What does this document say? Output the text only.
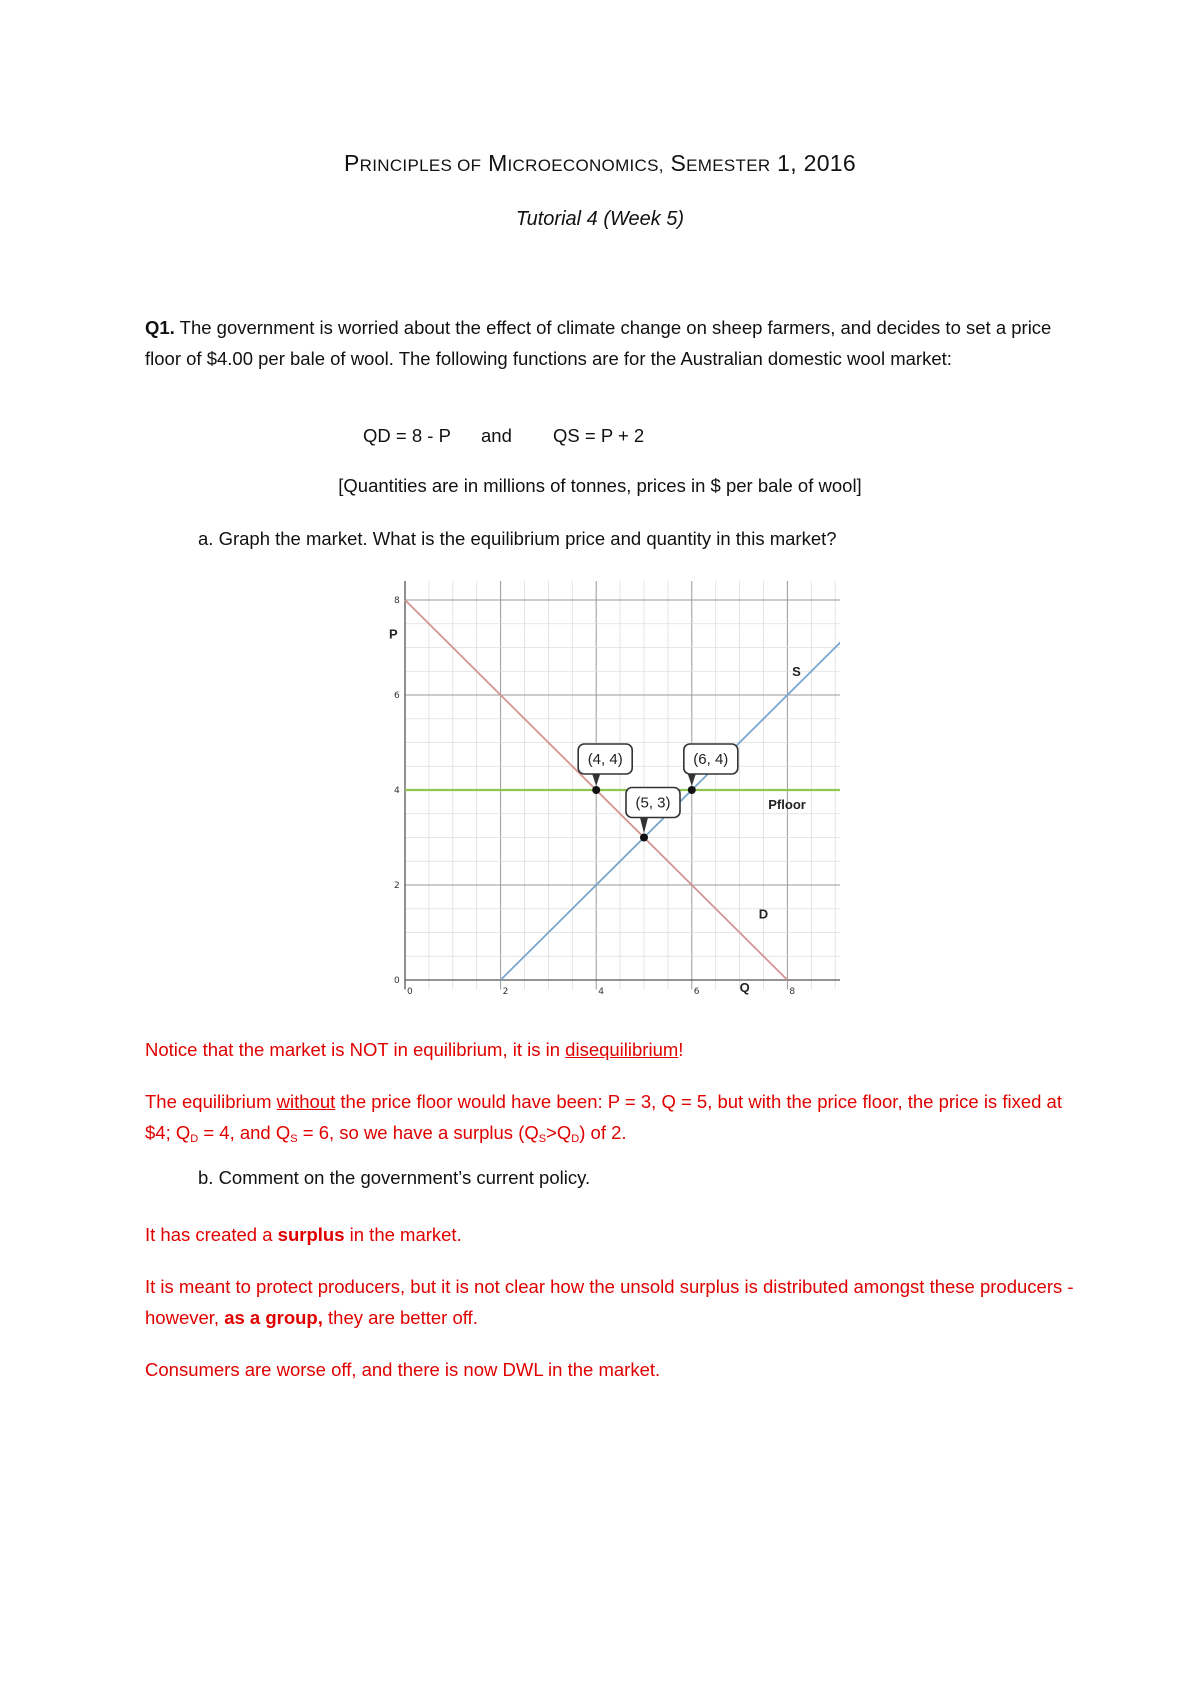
PRINCIPLES OF MICROECONOMICS, SEMESTER 1, 2016
Tutorial 4 (Week 5)
Q1. The government is worried about the effect of climate change on sheep farmers, and decides to set a price floor of $4.00 per bale of wool. The following functions are for the Australian domestic wool market:
QD = 8 - P and QS = P + 2
[Quantities are in millions of tonnes, prices in $ per bale of wool]
a. Graph the market. What is the equilibrium price and quantity in this market?
0	2	4	6	8
0
2
4
6
8
P
Q
S
D
Pfloor
(4, 4)	(6, 4)
(5, 3)
Notice that the market is NOT in equilibrium, it is in disequilibrium!
The equilibrium without the price floor would have been: P = 3, Q = 5, but with the price floor, the price is fixed at $4; $Q_D = 4$, and $Q_S = 6$, so we have a surplus $(Q_S>Q_D)$ of 2.
b. Comment on the government’s current policy.
It has created a surplus in the market.
It is meant to protect producers, but it is not clear how the unsold surplus is distributed amongst these producers - however, as a group, they are better off.
Consumers are worse off, and there is now DWL in the market.
